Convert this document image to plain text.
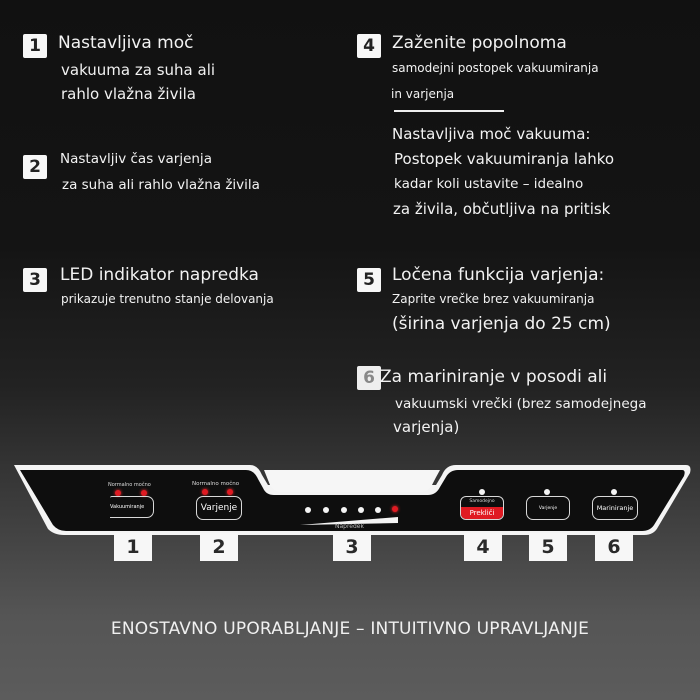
1	Nastavljiva moč
vakuuma za suha ali
rahlo vlažna živila
2	Nastavljiv čas varjenja
za suha ali rahlo vlažna živila
3	LED indikator napredka
prikazuje trenutno stanje delovanja
4	Zaženite popolnoma
samodejni postopek vakuumiranja
in varjenja
Nastavljiva moč vakuuma:
Postopek vakuumiranja lahko
kadar koli ustavite – idealno
za živila, občutljiva na pritisk
5	Ločena funkcija varjenja:
Zaprite vrečke brez vakuumiranja
(širina varjenja do 25 cm)
6 Za mariniranje v posodi ali
vakuumski vrečki (brez samodejnega
varjenja)
Normalno močno
Vakuumiranje
Normalno močno
Varjenje
Napredek
Samodejno
Prekliči
Varjenje	Mariniranje
1	2	3	4	5	6
ENOSTAVNO UPORABLJANJE – INTUITIVNO UPRAVLJANJE
